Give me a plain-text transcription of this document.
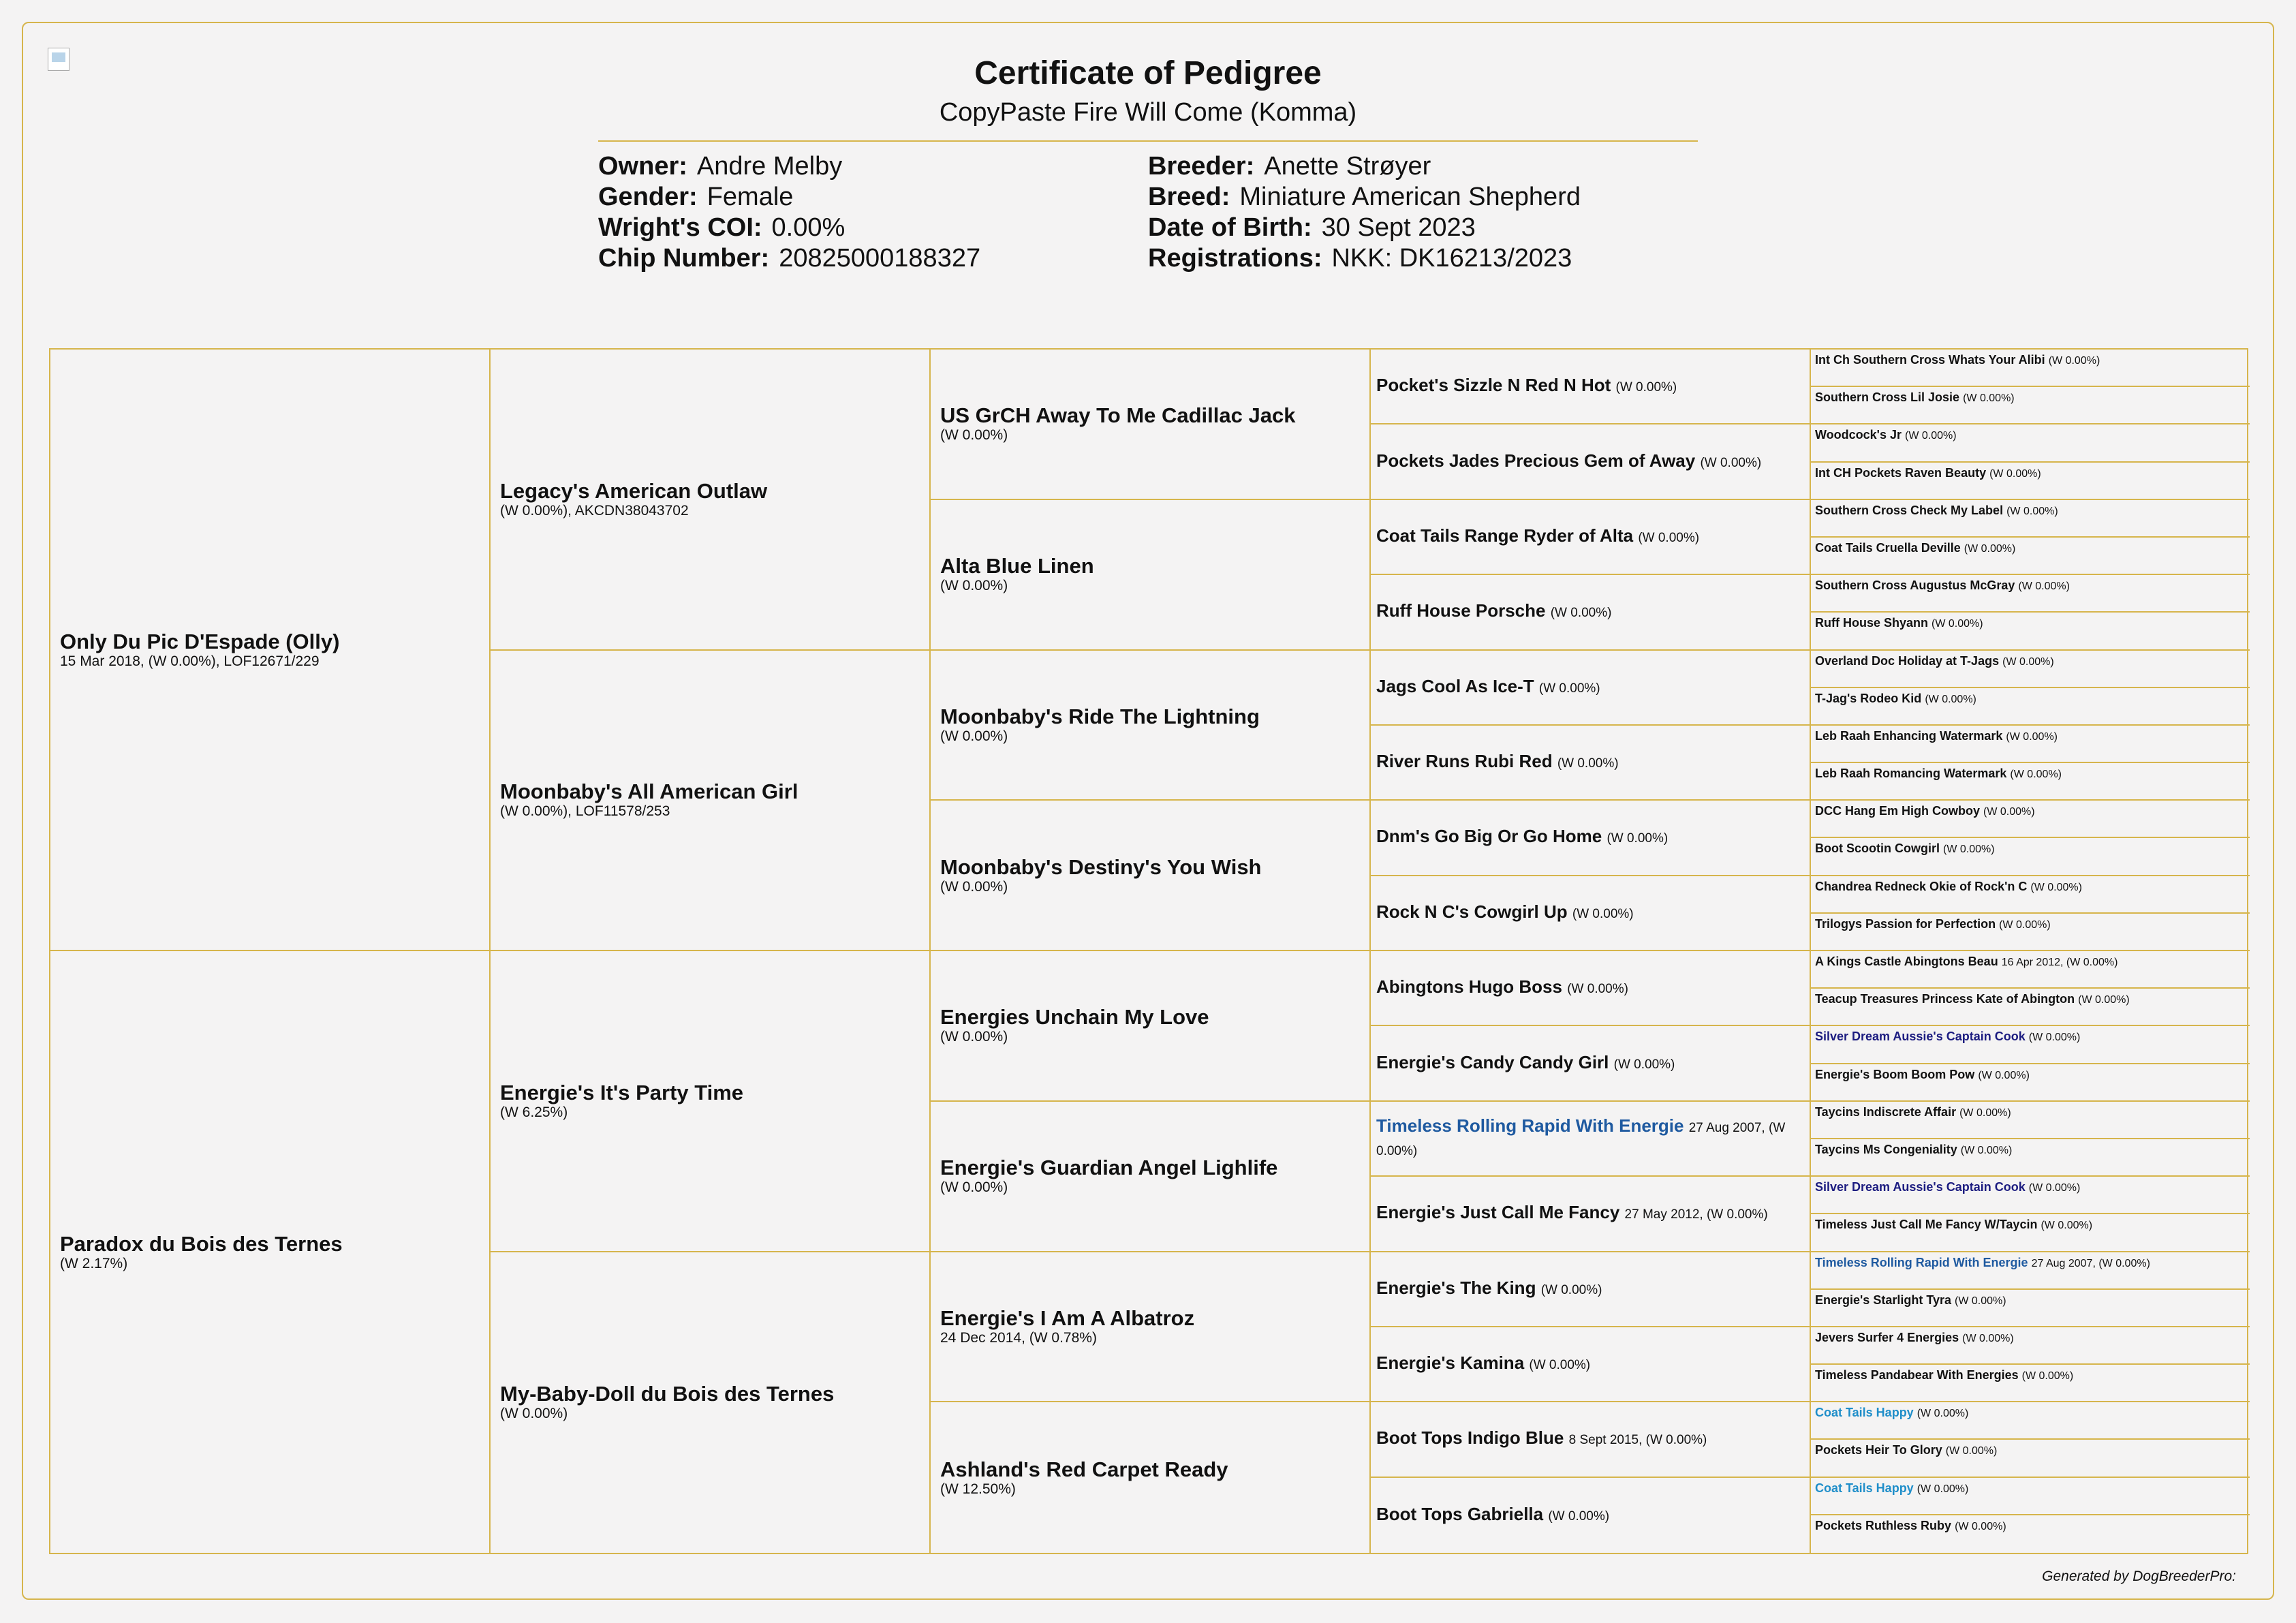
Certificate of Pedigree
CopyPaste Fire Will Come (Komma)
Owner: Andre Melby
Gender: Female
Wright's COI: 0.00%
Chip Number: 20825000188327
Breeder: Anette Strøyer
Breed: Miniature American Shepherd
Date of Birth: 30 Sept 2023
Registrations: NKK: DK16213/2023
Only Du Pic D'Espade (Olly)
15 Mar 2018, (W 0.00%), LOF12671/229
Paradox du Bois des Ternes
(W 2.17%)
Legacy's American Outlaw
(W 0.00%), AKCDN38043702
Moonbaby's All American Girl
(W 0.00%), LOF11578/253
Energie's It's Party Time
(W 6.25%)
My-Baby-Doll du Bois des Ternes
(W 0.00%)
US GrCH Away To Me Cadillac Jack
(W 0.00%)
Alta Blue Linen
(W 0.00%)
Moonbaby's Ride The Lightning
(W 0.00%)
Moonbaby's Destiny's You Wish
(W 0.00%)
Energies Unchain My Love
(W 0.00%)
Energie's Guardian Angel Lighlife
(W 0.00%)
Energie's I Am A Albatroz
24 Dec 2014, (W 0.78%)
Ashland's Red Carpet Ready
(W 12.50%)
Pocket's Sizzle N Red N Hot (W 0.00%)
Pockets Jades Precious Gem of Away (W 0.00%)
Coat Tails Range Ryder of Alta (W 0.00%)
Ruff House Porsche (W 0.00%)
Jags Cool As Ice-T (W 0.00%)
River Runs Rubi Red (W 0.00%)
Dnm's Go Big Or Go Home (W 0.00%)
Rock N C's Cowgirl Up (W 0.00%)
Abingtons Hugo Boss (W 0.00%)
Energie's Candy Candy Girl (W 0.00%)
Timeless Rolling Rapid With Energie 27 Aug 2007, (W 0.00%)
Energie's Just Call Me Fancy 27 May 2012, (W 0.00%)
Energie's The King (W 0.00%)
Energie's Kamina (W 0.00%)
Boot Tops Indigo Blue 8 Sept 2015, (W 0.00%)
Boot Tops Gabriella (W 0.00%)
Int Ch Southern Cross Whats Your Alibi (W 0.00%)
Southern Cross Lil Josie (W 0.00%)
Woodcock's Jr (W 0.00%)
Int CH Pockets Raven Beauty (W 0.00%)
Southern Cross Check My Label (W 0.00%)
Coat Tails Cruella Deville (W 0.00%)
Southern Cross Augustus McGray (W 0.00%)
Ruff House Shyann (W 0.00%)
Overland Doc Holiday at T-Jags (W 0.00%)
T-Jag's Rodeo Kid (W 0.00%)
Leb Raah Enhancing Watermark (W 0.00%)
Leb Raah Romancing Watermark (W 0.00%)
DCC Hang Em High Cowboy (W 0.00%)
Boot Scootin Cowgirl (W 0.00%)
Chandrea Redneck Okie of Rock'n C (W 0.00%)
Trilogys Passion for Perfection (W 0.00%)
A Kings Castle Abingtons Beau 16 Apr 2012, (W 0.00%)
Teacup Treasures Princess Kate of Abington (W 0.00%)
Silver Dream Aussie's Captain Cook (W 0.00%)
Energie's Boom Boom Pow (W 0.00%)
Taycins Indiscrete Affair (W 0.00%)
Taycins Ms Congeniality (W 0.00%)
Silver Dream Aussie's Captain Cook (W 0.00%)
Timeless Just Call Me Fancy W/Taycin (W 0.00%)
Timeless Rolling Rapid With Energie 27 Aug 2007, (W 0.00%)
Energie's Starlight Tyra (W 0.00%)
Jevers Surfer 4 Energies (W 0.00%)
Timeless Pandabear With Energies (W 0.00%)
Coat Tails Happy (W 0.00%)
Pockets Heir To Glory (W 0.00%)
Coat Tails Happy (W 0.00%)
Pockets Ruthless Ruby (W 0.00%)
Generated by DogBreederPro:
